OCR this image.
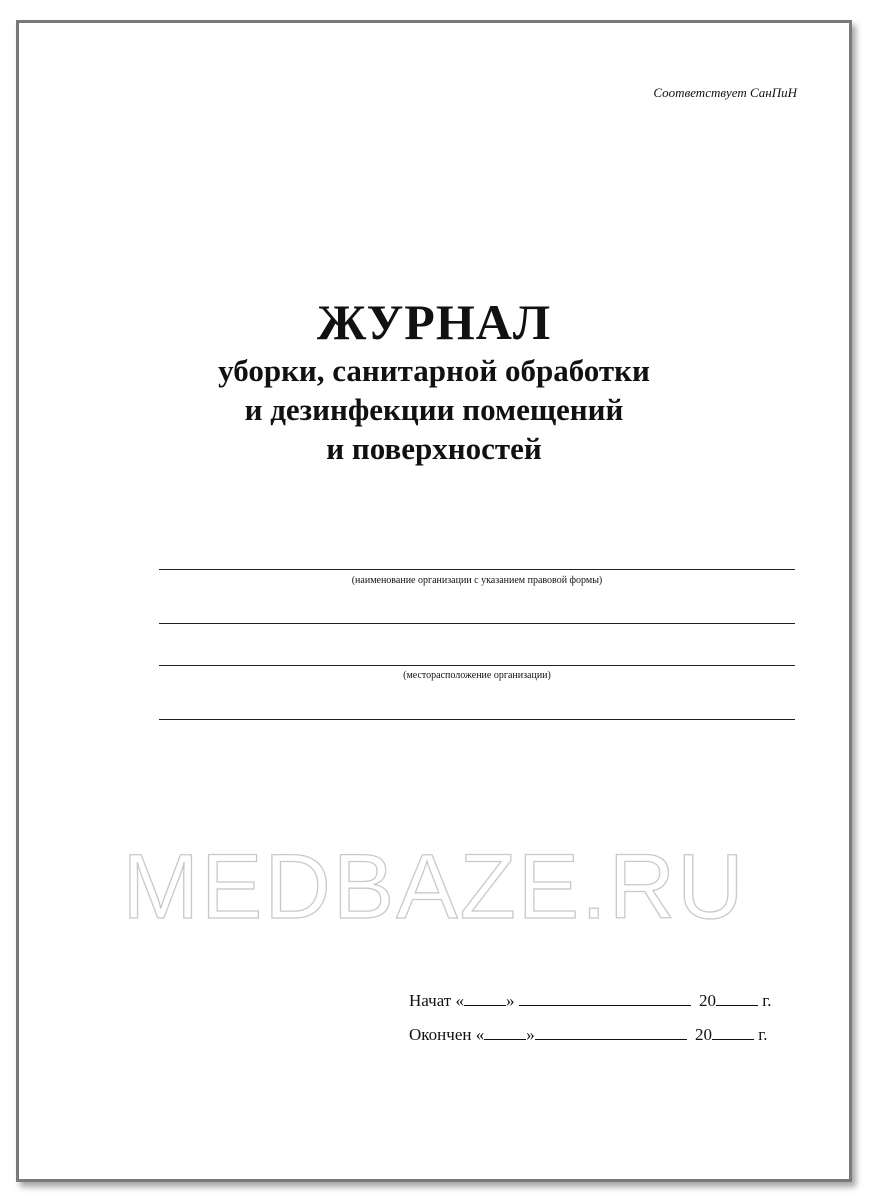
Соответствует СанПиН

ЖУРНАЛ

уборки, санитарной обработки

и дезинфекции помещений

и поверхностей

(наименование организации с указанием правовой формы)
(месторасположение организации)
MEDBAZE.RU
Начат « »	20	г.
Окончен « »	20	г.
